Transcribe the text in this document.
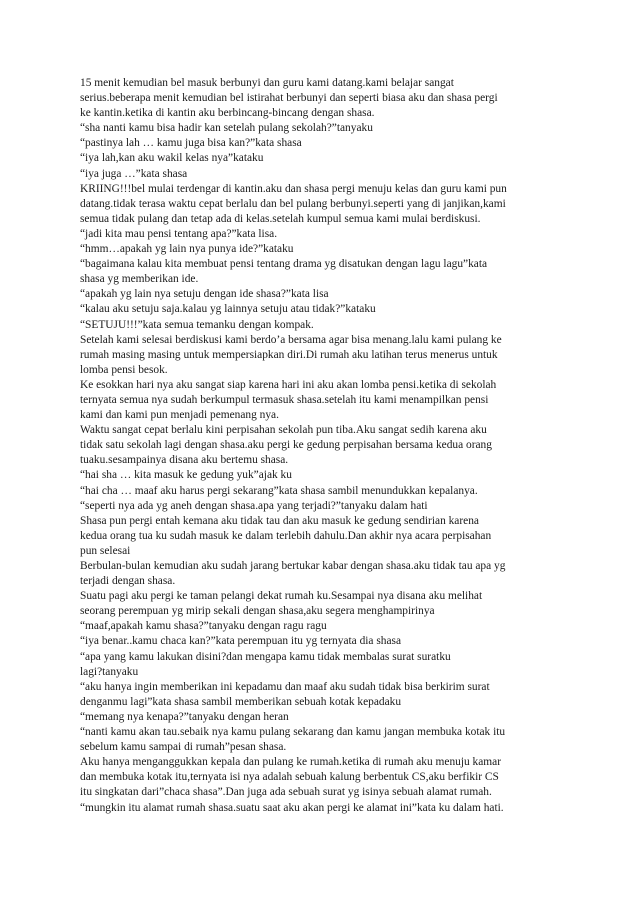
15 menit kemudian bel masuk berbunyi dan guru kami datang.kami belajar sangat
serius.beberapa menit kemudian bel istirahat berbunyi dan seperti biasa aku dan shasa pergi
ke kantin.ketika di kantin aku berbincang-bincang dengan shasa.
“sha nanti kamu bisa hadir kan setelah pulang sekolah?”tanyaku
“pastinya lah … kamu juga bisa kan?”kata shasa
“iya lah,kan aku wakil kelas nya”kataku
“iya juga …”kata shasa
KRIING!!!bel mulai terdengar di kantin.aku dan shasa pergi menuju kelas dan guru kami pun
datang.tidak terasa waktu cepat berlalu dan bel pulang berbunyi.seperti yang di janjikan,kami
semua tidak pulang dan tetap ada di kelas.setelah kumpul semua kami mulai berdiskusi.
“jadi kita mau pensi tentang apa?”kata lisa.
“hmm…apakah yg lain nya punya ide?”kataku
“bagaimana kalau kita membuat pensi tentang drama yg disatukan dengan lagu lagu”kata
shasa yg memberikan ide.
“apakah yg lain nya setuju dengan ide shasa?”kata lisa
“kalau aku setuju saja.kalau yg lainnya setuju atau tidak?”kataku
“SETUJU!!!”kata semua temanku dengan kompak.
Setelah kami selesai berdiskusi kami berdo’a bersama agar bisa menang.lalu kami pulang ke
rumah masing masing untuk mempersiapkan diri.Di rumah aku latihan terus menerus untuk
lomba pensi besok.
Ke esokkan hari nya aku sangat siap karena hari ini aku akan lomba pensi.ketika di sekolah
ternyata semua nya sudah berkumpul termasuk shasa.setelah itu kami menampilkan pensi
kami dan kami pun menjadi pemenang nya.
Waktu sangat cepat berlalu kini perpisahan sekolah pun tiba.Aku sangat sedih karena aku
tidak satu sekolah lagi dengan shasa.aku pergi ke gedung perpisahan bersama kedua orang
tuaku.sesampainya disana aku bertemu shasa.
“hai sha … kita masuk ke gedung yuk”ajak ku
“hai cha … maaf aku harus pergi sekarang”kata shasa sambil menundukkan kepalanya.
“seperti nya ada yg aneh dengan shasa.apa yang terjadi?”tanyaku dalam hati
Shasa pun pergi entah kemana aku tidak tau dan aku masuk ke gedung sendirian karena
kedua orang tua ku sudah masuk ke dalam terlebih dahulu.Dan akhir nya acara perpisahan
pun selesai
Berbulan-bulan kemudian aku sudah jarang bertukar kabar dengan shasa.aku tidak tau apa yg
terjadi dengan shasa.
Suatu pagi aku pergi ke taman pelangi dekat rumah ku.Sesampai nya disana aku melihat
seorang perempuan yg mirip sekali dengan shasa,aku segera menghampirinya
“maaf,apakah kamu shasa?”tanyaku dengan ragu ragu
“iya benar..kamu chaca kan?”kata perempuan itu yg ternyata dia shasa
“apa yang kamu lakukan disini?dan mengapa kamu tidak membalas surat suratku
lagi?tanyaku
“aku hanya ingin memberikan ini kepadamu dan maaf aku sudah tidak bisa berkirim surat
denganmu lagi”kata shasa sambil memberikan sebuah kotak kepadaku
“memang nya kenapa?”tanyaku dengan heran
“nanti kamu akan tau.sebaik nya kamu pulang sekarang dan kamu jangan membuka kotak itu
sebelum kamu sampai di rumah”pesan shasa.
Aku hanya menganggukkan kepala dan pulang ke rumah.ketika di rumah aku menuju kamar
dan membuka kotak itu,ternyata isi nya adalah sebuah kalung berbentuk CS,aku berfikir CS
itu singkatan dari”chaca shasa”.Dan juga ada sebuah surat yg isinya sebuah alamat rumah.
“mungkin itu alamat rumah shasa.suatu saat aku akan pergi ke alamat ini”kata ku dalam hati.
